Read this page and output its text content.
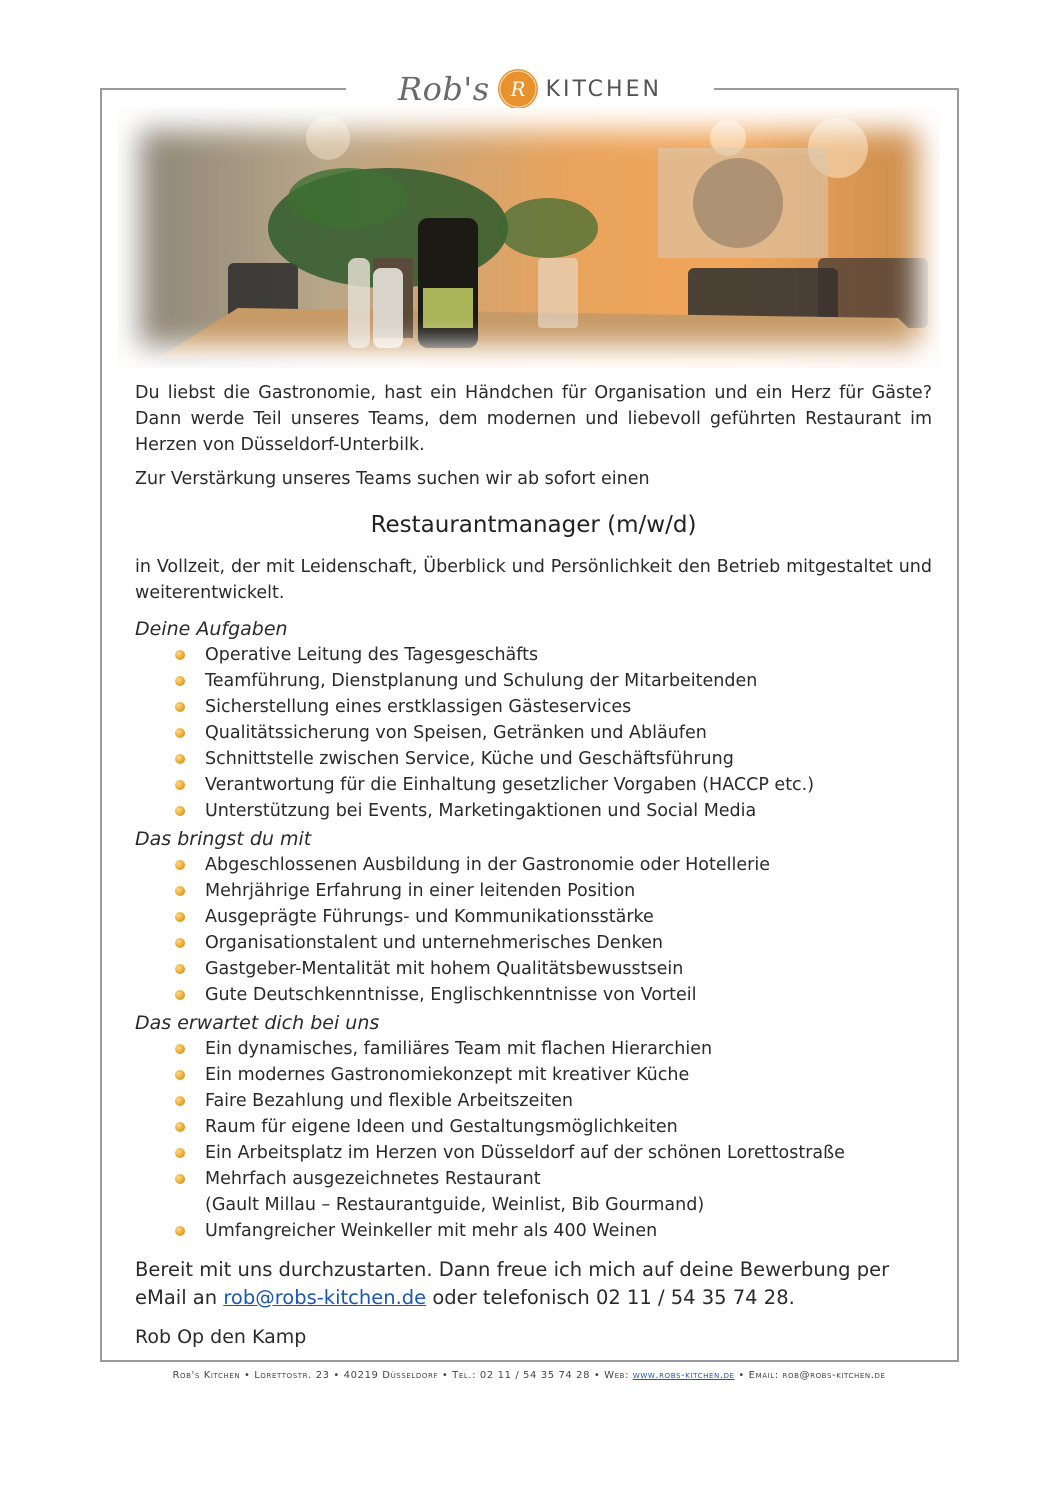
Rob's R KITCHEN

Du liebst die Gastronomie, hast ein Händchen für Organisation und ein Herz für Gäste? Dann werde Teil unseres Teams, dem modernen und liebevoll geführten Restaurant im Herzen von Düsseldorf-Unterbilk.

Zur Verstärkung unseres Teams suchen wir ab sofort einen

Restaurantmanager (m/w/d)

in Vollzeit, der mit Leidenschaft, Überblick und Persönlichkeit den Betrieb mitgestaltet und weiterentwickelt.

Deine Aufgaben
Operative Leitung des Tagesgeschäfts
Teamführung, Dienstplanung und Schulung der Mitarbeitenden
Sicherstellung eines erstklassigen Gästeservices
Qualitätssicherung von Speisen, Getränken und Abläufen
Schnittstelle zwischen Service, Küche und Geschäftsführung
Verantwortung für die Einhaltung gesetzlicher Vorgaben (HACCP etc.)
Unterstützung bei Events, Marketingaktionen und Social Media
Das bringst du mit
Abgeschlossenen Ausbildung in der Gastronomie oder Hotellerie
Mehrjährige Erfahrung in einer leitenden Position
Ausgeprägte Führungs- und Kommunikationsstärke
Organisationstalent und unternehmerisches Denken
Gastgeber-Mentalität mit hohem Qualitätsbewusstsein
Gute Deutschkenntnisse, Englischkenntnisse von Vorteil
Das erwartet dich bei uns
Ein dynamisches, familiäres Team mit flachen Hierarchien
Ein modernes Gastronomiekonzept mit kreativer Küche
Faire Bezahlung und flexible Arbeitszeiten
Raum für eigene Ideen und Gestaltungsmöglichkeiten
Ein Arbeitsplatz im Herzen von Düsseldorf auf der schönen Lorettostraße
Mehrfach ausgezeichnetes Restaurant
(Gault Millau – Restaurantguide, Weinlist, Bib Gourmand)
Umfangreicher Weinkeller mit mehr als 400 Weinen

Bereit mit uns durchzustarten. Dann freue ich mich auf deine Bewerbung per eMail an rob@robs-kitchen.de oder telefonisch 02 11 / 54 35 74 28.

Rob Op den Kamp

Rob's Kitchen • Lorettostr. 23 • 40219 Düsseldorf • Tel.: 02 11 / 54 35 74 28 • Web: www.robs-kitchen.de • Email: rob@robs-kitchen.de
